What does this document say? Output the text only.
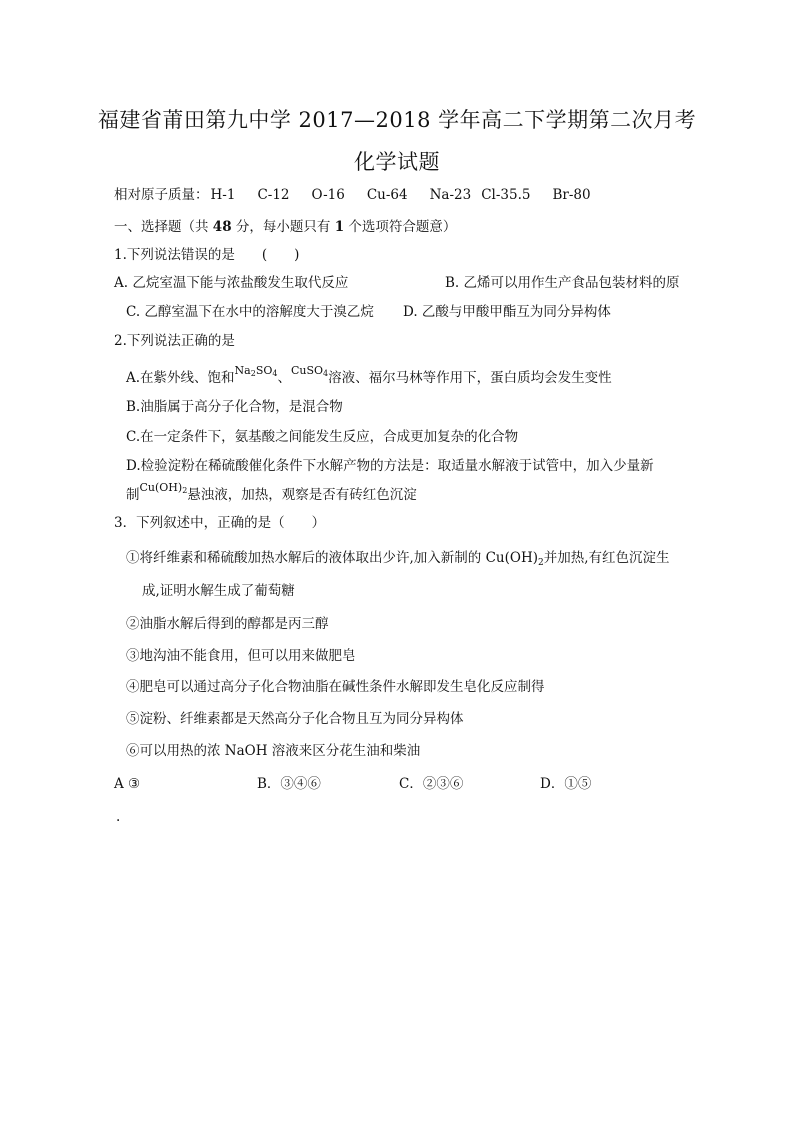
福建省莆田第九中学 2017—2018 学年高二下学期第二次月考
化学试题
相对原子质量： H-1 C-12 O-16 Cu-64 Na-23 Cl-35.5 Br-80
一、选择题（共 48 分，每小题只有 1 个选项符合题意）
1.下列说法错误的是　　(　　)
A. 乙烷室温下能与浓盐酸发生取代反应	B. 乙烯可以用作生产食品包装材料的原
C. 乙醇室温下在水中的溶解度大于溴乙烷 D. 乙酸与甲酸甲酯互为同分异构体
2.下列说法正确的是
A.在紫外线、饱和$Na_2SO_4$、CuSO$_4$溶液、福尔马林等作用下，蛋白质均会发生变性
B.油脂属于高分子化合物，是混合物
C.在一定条件下，氨基酸之间能发生反应，合成更加复杂的化合物
D.检验淀粉在稀硫酸催化条件下水解产物的方法是：取适量水解液于试管中，加入少量新
制$Cu(OH)_2$悬浊液，加热，观察是否有砖红色沉淀
3．下列叙述中，正确的是（　　）
①将纤维素和稀硫酸加热水解后的液体取出少许,加入新制的 $Cu(OH)_2$并加热,有红色沉淀生
成,证明水解生成了葡萄糖
②油脂水解后得到的醇都是丙三醇
③地沟油不能食用，但可以用来做肥皂
④肥皂可以通过高分子化合物油脂在碱性条件水解即发生皂化反应制得
⑤淀粉、纤维素都是天然高分子化合物且互为同分异构体
⑥可以用热的浓 NaOH 溶液来区分花生油和柴油
A ③	B．③④⑥	C．②③⑥	D．①⑤
.
